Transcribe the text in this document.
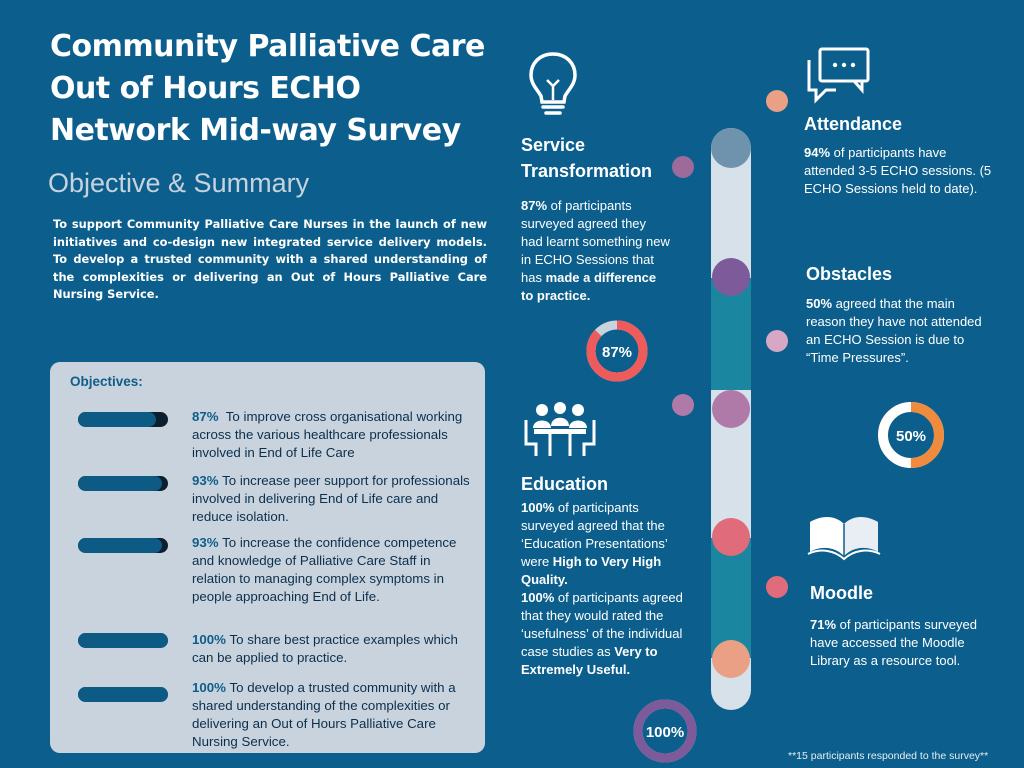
Community Palliative Care Out of Hours ECHO Network Mid-way Survey
Objective & Summary

To support Community Palliative Care Nurses in the launch of new initiatives and co-design new integrated service delivery models. To develop a trusted community with a shared understanding of the complexities or delivering an Out of Hours Palliative Care Nursing Service.

Objectives:
87% To improve cross organisational working across the various healthcare professionals involved in End of Life Care
93% To increase peer support for professionals involved in delivering End of Life care and reduce isolation.
93% To increase the confidence competence and knowledge of Palliative Care Staff in relation to managing complex symptoms in people approaching End of Life.
100% To share best practice examples which can be applied to practice.
100% To develop a trusted community with a shared understanding of the complexities or delivering an Out of Hours Palliative Care Nursing Service.
Service Transformation
87% of participants surveyed agreed they had learnt something new in ECHO Sessions that has made a difference to practice.
87%
Education
100% of participants surveyed agreed that the ‘Education Presentations’ were High to Very High Quality.
100% of participants agreed that they would rated the ‘usefulness’ of the individual case studies as Very to Extremely Useful.
100%
Attendance
94% of participants have attended 3-5 ECHO sessions. (5 ECHO Sessions held to date).
Obstacles
50% agreed that the main reason they have not attended an ECHO Session is due to “Time Pressures”.
50%
Moodle
71% of participants surveyed have accessed the Moodle Library as a resource tool.
**15 participants responded to the survey**
